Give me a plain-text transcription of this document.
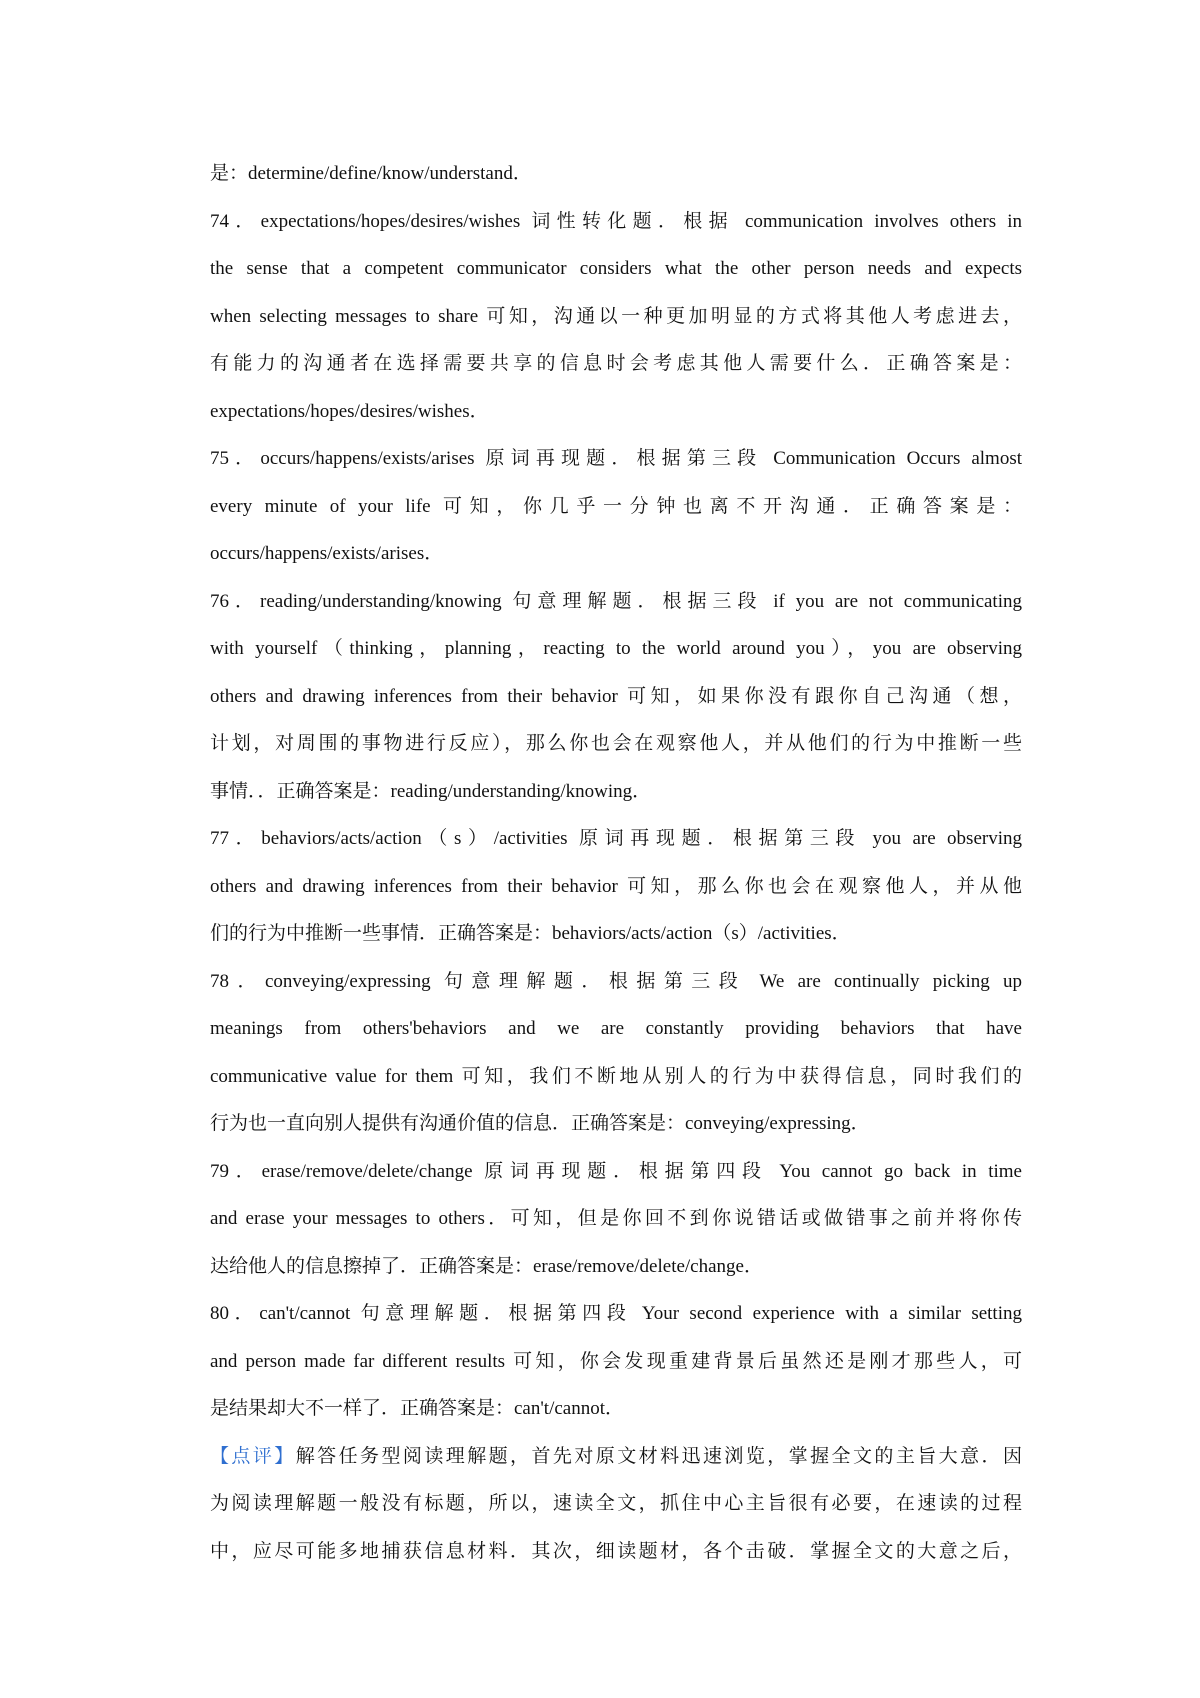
是：determine/define/know/understand．
74．expectations/hopes/desires/wishes 词性转化题．根据 communication involves others in
the sense that a competent communicator considers what the other person needs and expects
when selecting messages to share 可知，沟通以一种更加明显的方式将其他人考虑进去，
有能力的沟通者在选择需要共享的信息时会考虑其他人需要什么．正确答案是：
expectations/hopes/desires/wishes．
75．occurs/happens/exists/arises 原词再现题．根据第三段 Communication Occurs almost
every minute of your life 可知，你几乎一分钟也离不开沟通．正确答案是：
occurs/happens/exists/arises．
76．reading/understanding/knowing 句意理解题．根据三段 if you are not communicating
with yourself（thinking，planning，reacting to the world around you），you are observing
others and drawing inferences from their behavior 可知，如果你没有跟你自己沟通（想，
计划，对周围的事物进行反应），那么你也会在观察他人，并从他们的行为中推断一些
事情．．正确答案是：reading/understanding/knowing．
77．behaviors/acts/action（s）/activities 原词再现题．根据第三段 you are observing
others and drawing inferences from their behavior 可知，那么你也会在观察他人，并从他
们的行为中推断一些事情．正确答案是：behaviors/acts/action（s）/activities．
78．conveying/expressing 句意理解题．根据第三段 We are continually picking up
meanings from others'behaviors and we are constantly providing behaviors that have
communicative value for them 可知，我们不断地从别人的行为中获得信息，同时我们的
行为也一直向别人提供有沟通价值的信息．正确答案是：conveying/expressing．
79．erase/remove/delete/change 原词再现题．根据第四段 You cannot go back in time
and erase your messages to others．可知，但是你回不到你说错话或做错事之前并将你传
达给他人的信息擦掉了．正确答案是：erase/remove/delete/change．
80．can't/cannot 句意理解题．根据第四段 Your second experience with a similar setting
and person made far different results 可知，你会发现重建背景后虽然还是刚才那些人，可
是结果却大不一样了．正确答案是：can't/cannot．
【点评】解答任务型阅读理解题，首先对原文材料迅速浏览，掌握全文的主旨大意．因
为阅读理解题一般没有标题，所以，速读全文，抓住中心主旨很有必要，在速读的过程
中，应尽可能多地捕获信息材料．其次，细读题材，各个击破．掌握全文的大意之后，
